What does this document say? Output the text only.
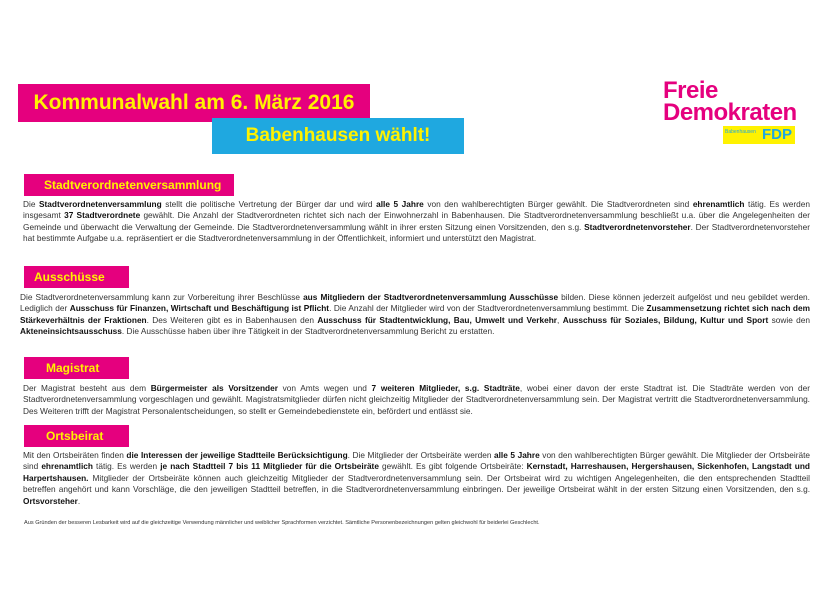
Kommunalwahl am 6. März 2016
Babenhausen wählt!
Freie
Demokraten
Babenhausen FDP
Stadtverordnetenversammlung
Die Stadtverordnetenversammlung stellt die politische Vertretung der Bürger dar und wird alle 5 Jahre von den wahlberechtigten Bürger gewählt. Die Stadtverordneten sind ehrenamtlich tätig. Es werden insgesamt 37 Stadtverordnete gewählt. Die Anzahl der Stadtverordneten richtet sich nach der Einwohnerzahl in Babenhausen. Die Stadtverordnetenversammlung beschließt u.a. über die Angelegenheiten der Gemeinde und überwacht die Verwaltung der Gemeinde. Die Stadtverordnetenversammlung wählt in ihrer ersten Sitzung einen Vorsitzenden, den s.g. Stadtverordnetenvorsteher. Der Stadtverordnetenvorsteher hat bestimmte Aufgabe u.a. repräsentiert er die Stadtverordnetenversammlung in der Öffentlichkeit, informiert und unterstützt den Magistrat.
Ausschüsse
Die Stadtverordnetenversammlung kann zur Vorbereitung ihrer Beschlüsse aus Mitgliedern der Stadtverordnetenversammlung Ausschüsse bilden. Diese können jederzeit aufgelöst und neu gebildet werden. Lediglich der Ausschuss für Finanzen, Wirtschaft und Beschäftigung ist Pflicht. Die Anzahl der Mitglieder wird von der Stadtverordnetenversammlung bestimmt. Die Zusammensetzung richtet sich nach dem Stärkeverhältnis der Fraktionen. Des Weiteren gibt es in Babenhausen den Ausschuss für Stadtentwicklung, Bau, Umwelt und Verkehr, Ausschuss für Soziales, Bildung, Kultur und Sport sowie den Akteneinsichtsausschuss. Die Ausschüsse haben über ihre Tätigkeit in der Stadtverordnetenversammlung Bericht zu erstatten.
Magistrat
Der Magistrat besteht aus dem Bürgermeister als Vorsitzender von Amts wegen und 7 weiteren Mitglieder, s.g. Stadträte, wobei einer davon der erste Stadtrat ist. Die Stadträte werden von der Stadtverordnetenversammlung vorgeschlagen und gewählt. Magistratsmitglieder dürfen nicht gleichzeitig Mitglieder der Stadtverordnetenversammlung sein. Der Magistrat vertritt die Stadtverordnetenversammlung. Des Weiteren trifft der Magistrat Personalentscheidungen, so stellt er Gemeindebedienstete ein, befördert und entlässt sie.
Ortsbeirat
Mit den Ortsbeiräten finden die Interessen der jeweilige Stadtteile Berücksichtigung. Die Mitglieder der Ortsbeiräte werden alle 5 Jahre von den wahlberechtigten Bürger gewählt. Die Mitglieder der Ortsbeiräte sind ehrenamtlich tätig. Es werden je nach Stadtteil 7 bis 11 Mitglieder für die Ortsbeiräte gewählt. Es gibt folgende Ortsbeiräte: Kernstadt, Harreshausen, Hergershausen, Sickenhofen, Langstadt und Harpertshausen. Mitglieder der Ortsbeiräte können auch gleichzeitig Mitglieder der Stadtverordnetenversammlung sein. Der Ortsbeirat wird zu wichtigen Angelegenheiten, die den entsprechenden Stadtteil betreffen angehört und kann Vorschläge, die den jeweiligen Stadtteil betreffen, in die Stadtverordnetenversammlung einbringen. Der jeweilige Ortsbeirat wählt in der ersten Sitzung einen Vorsitzenden, den s.g. Ortsvorsteher.
Aus Gründen der besseren Lesbarkeit wird auf die gleichzeitige Verwendung männlicher und weiblicher Sprachformen verzichtet. Sämtliche Personenbezeichnungen gelten gleichwohl für beiderlei Geschlecht.
